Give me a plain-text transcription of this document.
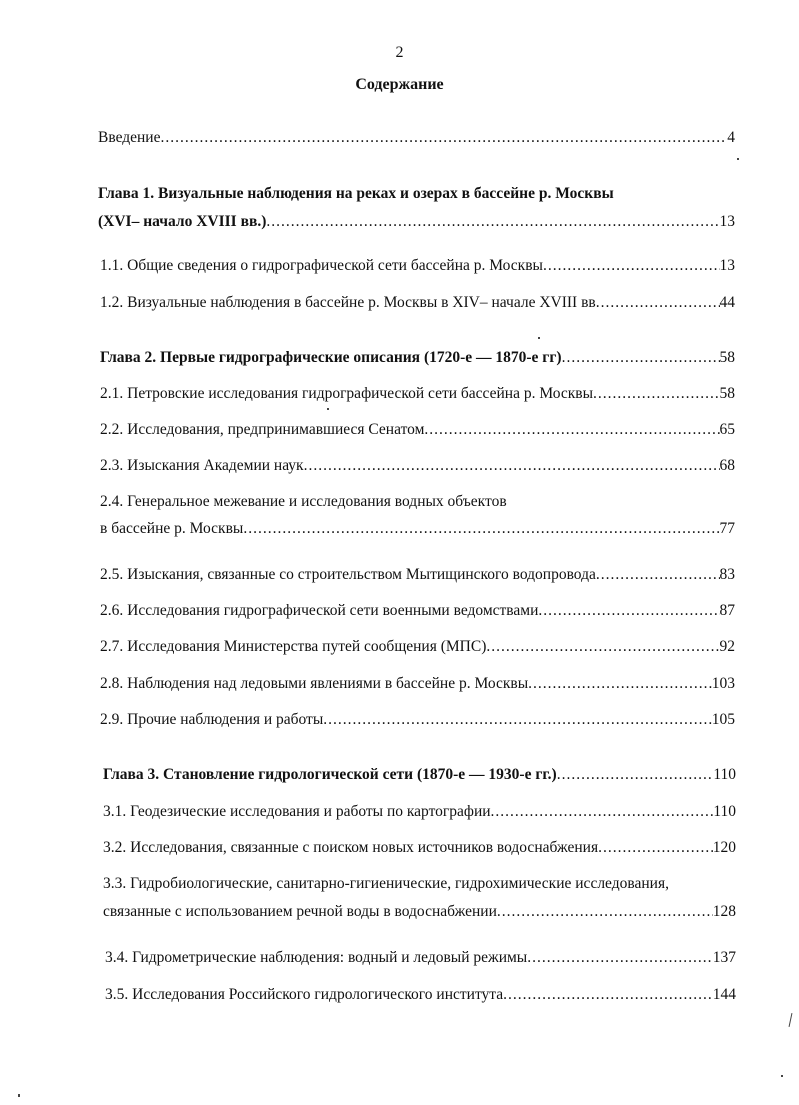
2
Содержание
Введение .....	4
Глава 1. Визуальные наблюдения на реках и озерах в бассейне р. Москвы
(XVI– начало XVIII вв.) .....	13
1.1. Общие сведения о гидрографической сети бассейна р. Москвы .....	13
1.2. Визуальные наблюдения в бассейне р. Москвы в XIV– начале XVIII вв .....	44
Глава 2. Первые гидрографические описания (1720-е — 1870-е гг) .....	58
2.1. Петровские исследования гидрографической сети бассейна р. Москвы .....	58
2.2. Исследования, предпринимавшиеся Сенатом .....	65
2.3. Изыскания Академии наук .....	68
2.4. Генеральное межевание и исследования водных объектов
в бассейне р. Москвы .....	77
2.5. Изыскания, связанные со строительством Мытищинского водопровода .....	83
2.6. Исследования гидрографической сети военными ведомствами .....	87
2.7. Исследования Министерства путей сообщения (МПС) .....	92
2.8. Наблюдения над ледовыми явлениями в бассейне р. Москвы .....	103
2.9. Прочие наблюдения и работы .....	105
Глава 3. Становление гидрологической сети (1870-е — 1930-е гг.) .....	110
3.1. Геодезические исследования и работы по картографии .....	110
3.2. Исследования, связанные с поиском новых источников водоснабжения .....	120
3.3. Гидробиологические, санитарно-гигиенические, гидрохимические исследования,
связанные с использованием речной воды в водоснабжении .....	128
3.4. Гидрометрические наблюдения: водный и ледовый режимы .....	137
3.5. Исследования Российского гидрологического института .....	144
